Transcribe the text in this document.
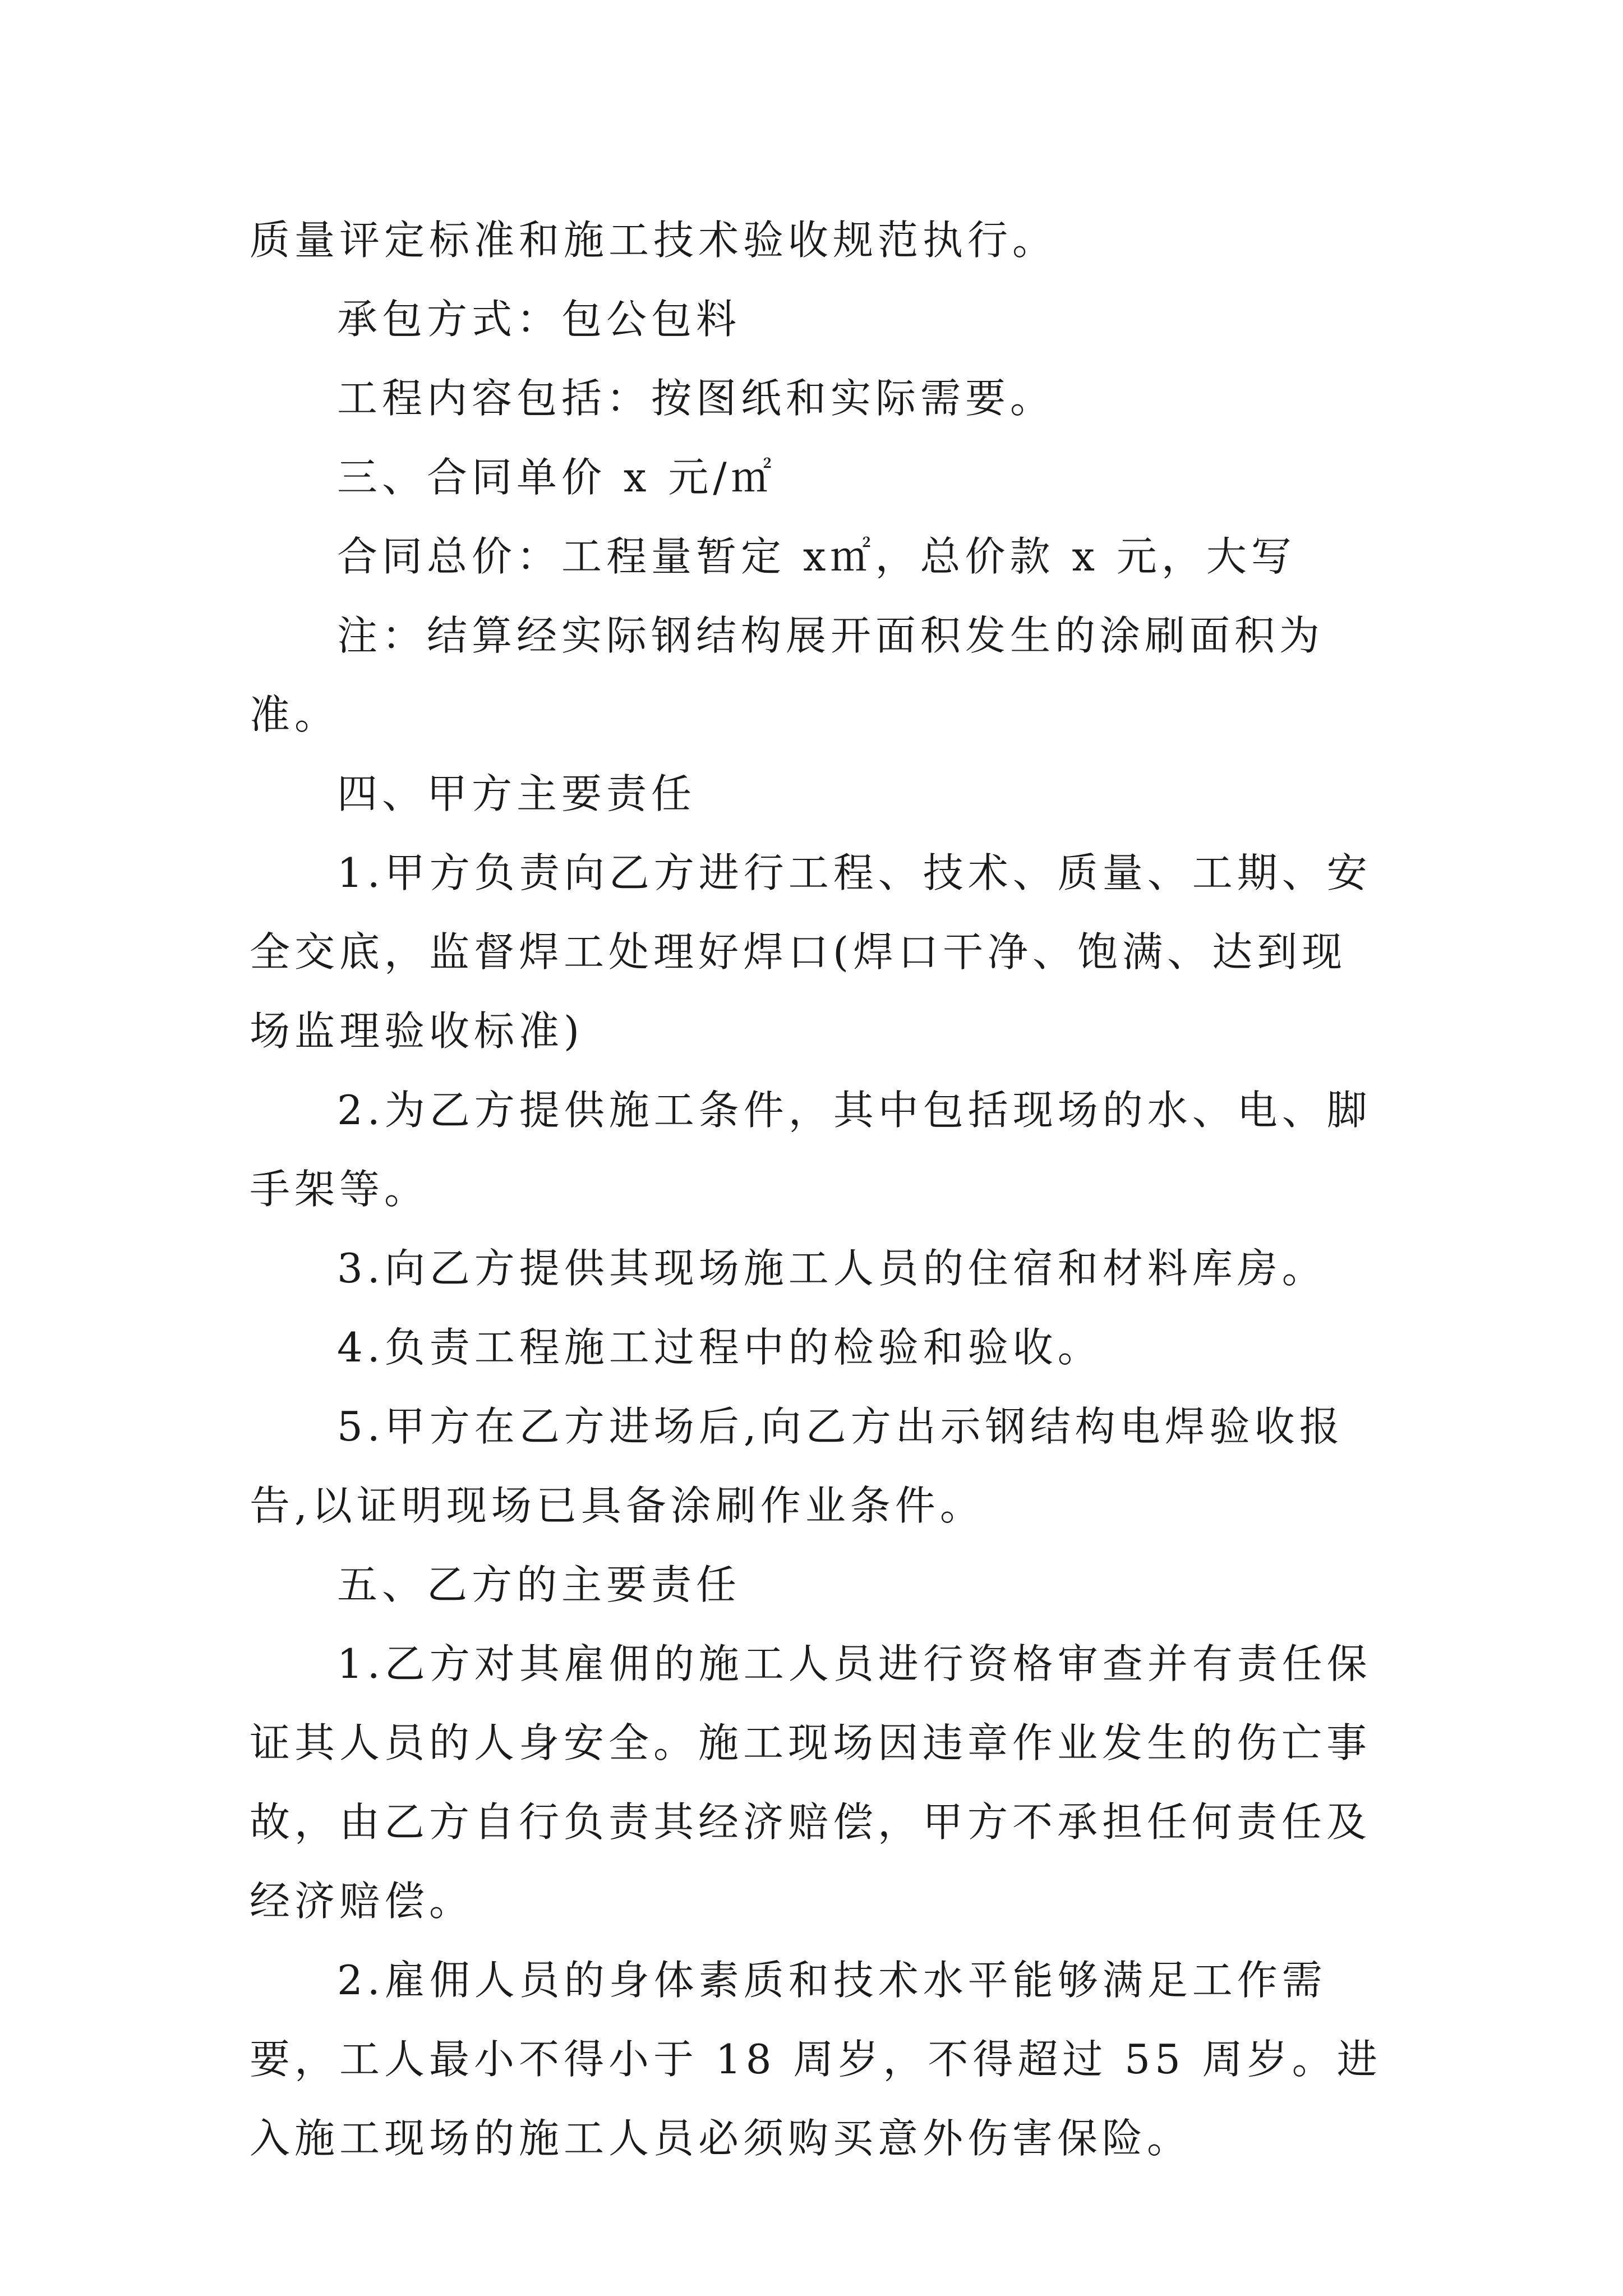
质量评定标准和施工技术验收规范执行。

承包方式：包公包料

工程内容包括：按图纸和实际需要。

三、合同单价 x 元/㎡

合同总价：工程量暂定 x㎡，总价款 x 元，大写

注：结算经实际钢结构展开面积发生的涂刷面积为准。

四、甲方主要责任

1.甲方负责向乙方进行工程、技术、质量、工期、安全交底，监督焊工处理好焊口(焊口干净、饱满、达到现场监理验收标准)

2.为乙方提供施工条件，其中包括现场的水、电、脚手架等。

3.向乙方提供其现场施工人员的住宿和材料库房。

4.负责工程施工过程中的检验和验收。

5.甲方在乙方进场后,向乙方出示钢结构电焊验收报告,以证明现场已具备涂刷作业条件。

五、乙方的主要责任

1.乙方对其雇佣的施工人员进行资格审查并有责任保证其人员的人身安全。施工现场因违章作业发生的伤亡事故，由乙方自行负责其经济赔偿，甲方不承担任何责任及经济赔偿。

2.雇佣人员的身体素质和技术水平能够满足工作需要，工人最小不得小于 18 周岁，不得超过 55 周岁。进入施工现场的施工人员必须购买意外伤害保险。
